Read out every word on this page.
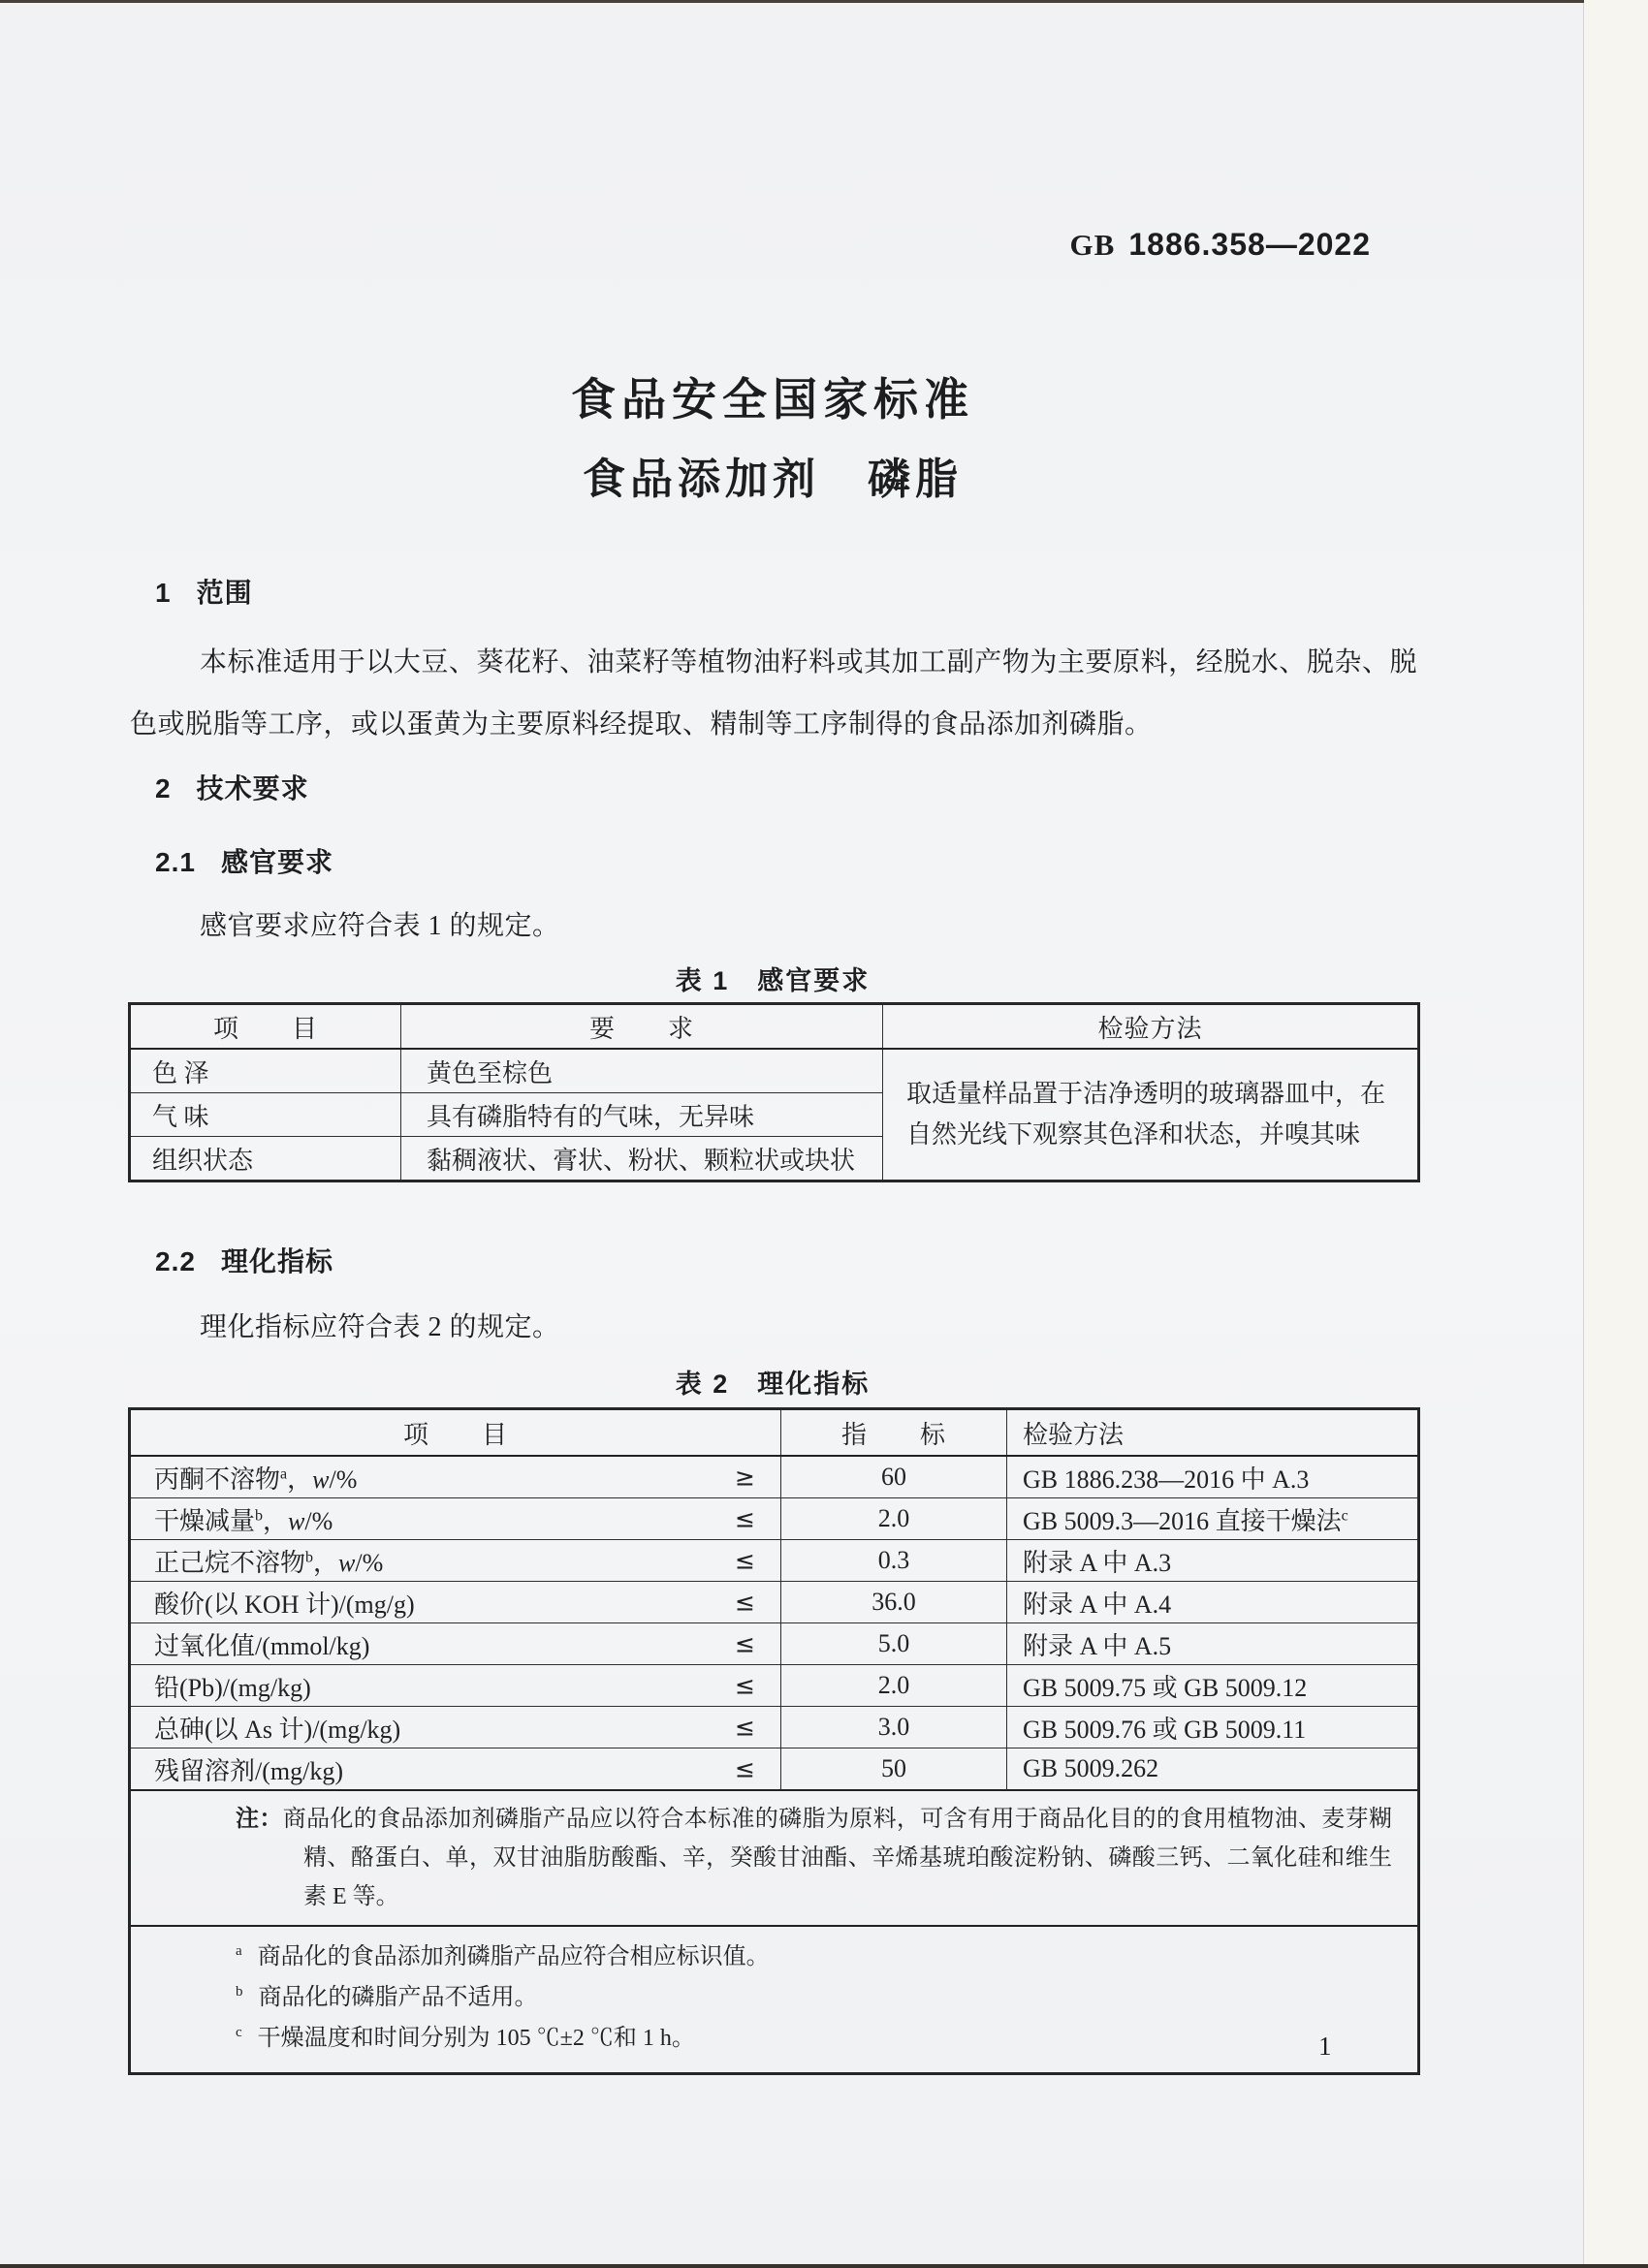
GB 1886.358—2022
食品安全国家标准
食品添加剂　磷脂
1 范围
本标准适用于以大豆、葵花籽、油菜籽等植物油籽料或其加工副产物为主要原料，经脱水、脱杂、脱色或脱脂等工序，或以蛋黄为主要原料经提取、精制等工序制得的食品添加剂磷脂。
2 技术要求
2.1 感官要求
感官要求应符合表 1 的规定。
表 1　感官要求
项　　目	要　　求	检验方法
色 泽	黄色至棕色	取适量样品置于洁净透明的玻璃器皿中，在自然光线下观察其色泽和状态，并嗅其味
气 味	具有磷脂特有的气味，无异味	
组织状态	黏稠液状、膏状、粉状、颗粒状或块状	
2.2 理化指标
理化指标应符合表 2 的规定。
表 2　理化指标
项　　目	指　　标	检验方法
丙酮不溶物$^a$，w/% ≥	60	GB 1886.238—2016 中 A.3
干燥减量$^b$，w/% ≤	2.0	GB 5009.3—2016 直接干燥法$^c$
正己烷不溶物$^b$，w/% ≤	0.3	附录 A 中 A.3
酸价(以 KOH 计)/(mg/g) ≤	36.0	附录 A 中 A.4
过氧化值/(mmol/kg) ≤	5.0	附录 A 中 A.5
铅(Pb)/(mg/kg) ≤	2.0	GB 5009.75 或 GB 5009.12
总砷(以 As 计)/(mg/kg) ≤	3.0	GB 5009.76 或 GB 5009.11
残留溶剂/(mg/kg) ≤	50	GB 5009.262
注：商品化的食品添加剂磷脂产品应以符合本标准的磷脂为原料，可含有用于商品化目的的食用植物油、麦芽糊精、酪蛋白、单，双甘油脂肪酸酯、辛，癸酸甘油酯、辛烯基琥珀酸淀粉钠、磷酸三钙、二氧化硅和维生素 E 等。		

$^a$ 商品化的食品添加剂磷脂产品应符合相应标识值。
$^b$ 商品化的磷脂产品不适用。
$^c$ 干燥温度和时间分别为 105 ℃±2 ℃和 1 h。			1
